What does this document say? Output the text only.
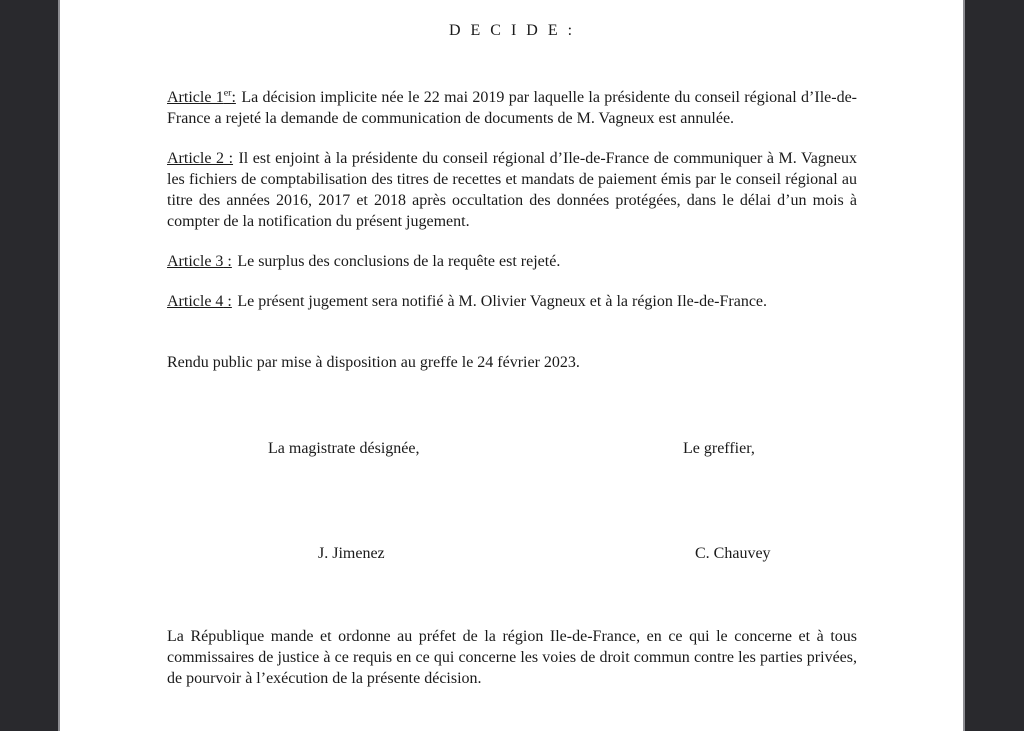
D E C I D E :

Article 1er: La décision implicite née le 22 mai 2019 par laquelle la présidente du conseil régional d’Ile-de-France a rejeté la demande de communication de documents de M. Vagneux est annulée.

Article 2 : Il est enjoint à la présidente du conseil régional d’Ile-de-France de communiquer à M. Vagneux les fichiers de comptabilisation des titres de recettes et mandats de paiement émis par le conseil régional au titre des années 2016, 2017 et 2018 après occultation des données protégées, dans le délai d’un mois à compter de la notification du présent jugement.

Article 3 : Le surplus des conclusions de la requête est rejeté.

Article 4 : Le présent jugement sera notifié à M. Olivier Vagneux et à la région Ile-de-France.

Rendu public par mise à disposition au greffe le 24 février 2023.

La magistrate désignée,	Le greffier,
J. Jimenez	C. Chauvey

La République mande et ordonne au préfet de la région Ile-de-France, en ce qui le concerne et à tous commissaires de justice à ce requis en ce qui concerne les voies de droit commun contre les parties privées, de pourvoir à l’exécution de la présente décision.
